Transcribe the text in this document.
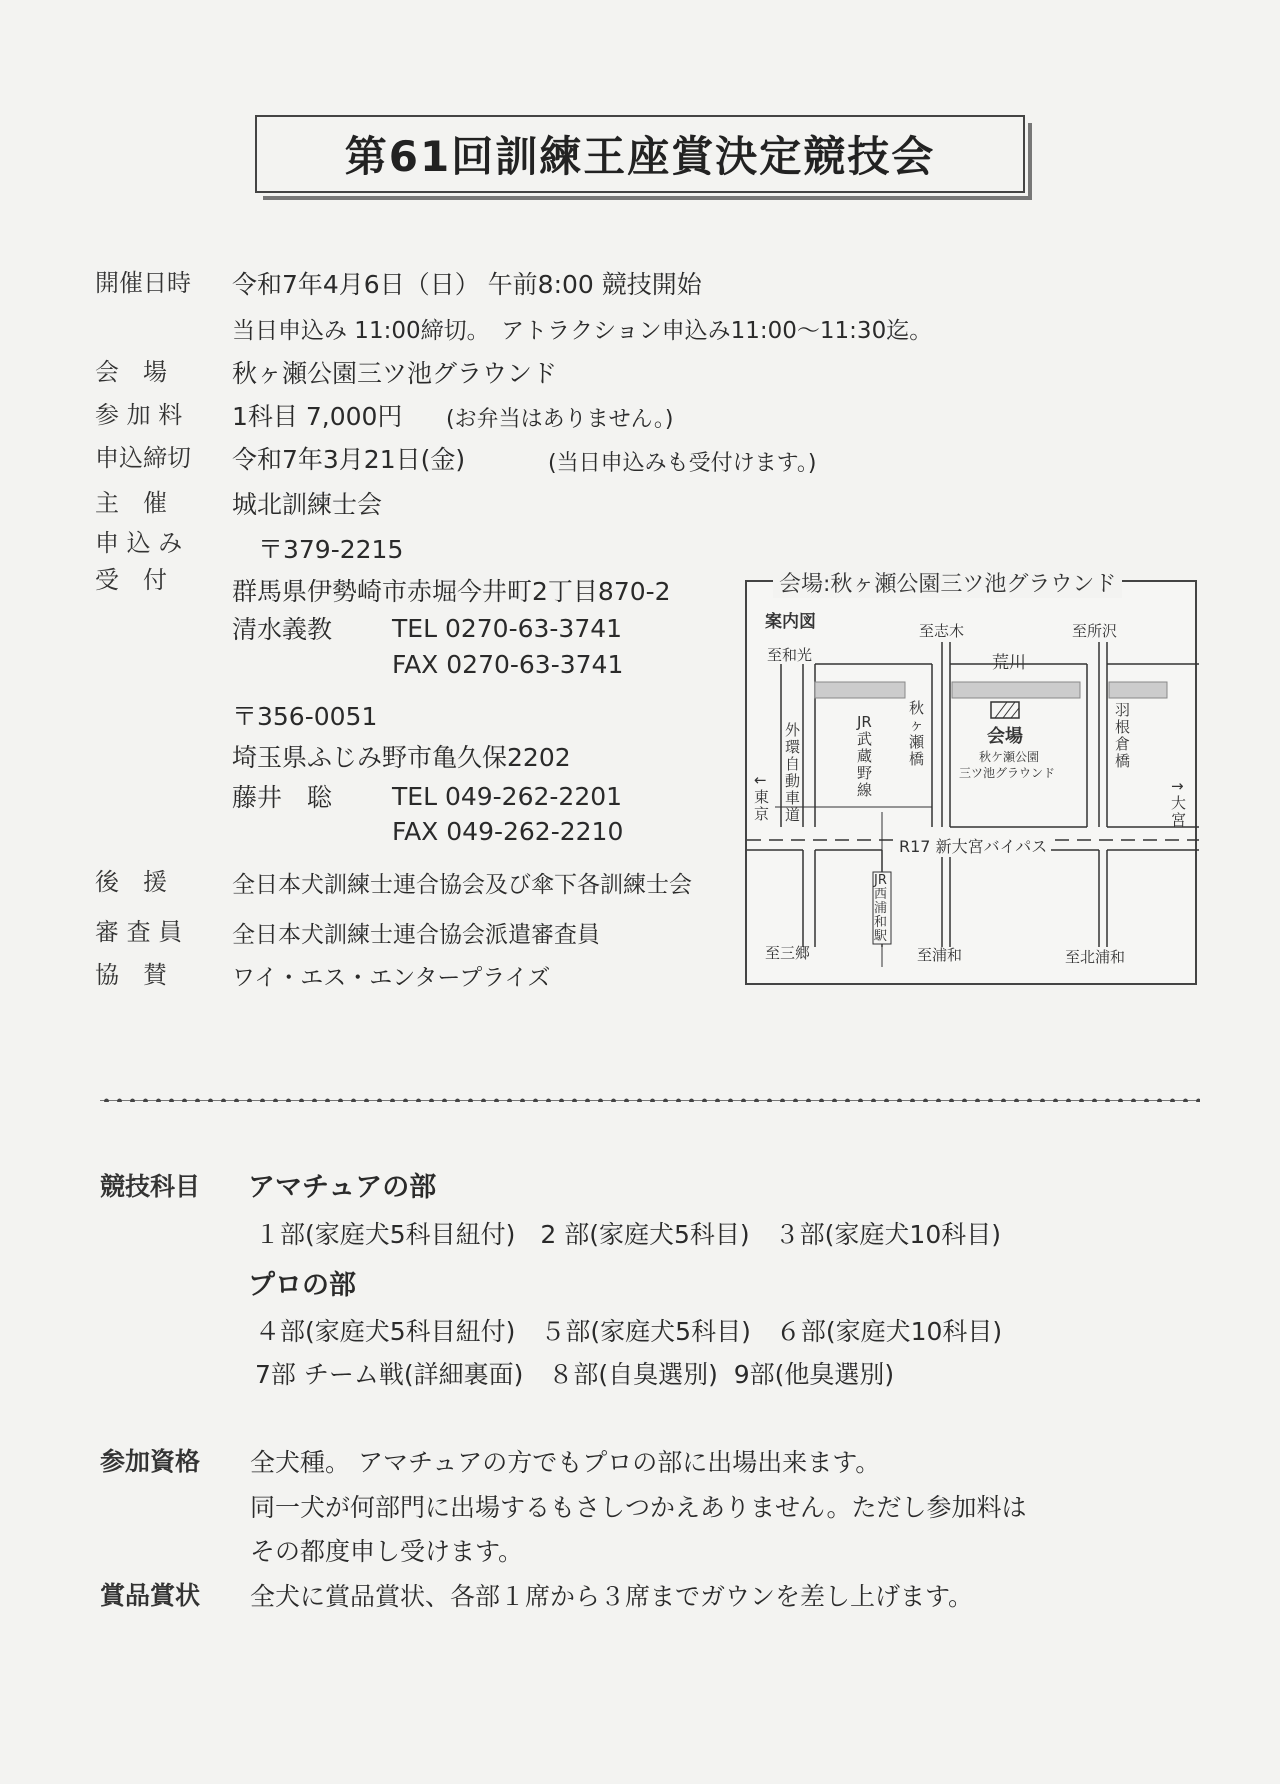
第61回訓練王座賞決定競技会
開催日時 令和7年4月6日（日） 午前8:00 競技開始
当日申込み 11:00締切。　アトラクション申込み11:00〜11:30迄。
会　場	秋ヶ瀬公園三ツ池グラウンド
参 加 料 1科目 7,000円 (お弁当はありません。)
申込締切 令和7年3月21日(金)	(当日申込みも受付けます。)
主　催	城北訓練士会
申 込 み
受　付
〒379-2215
群馬県伊勢崎市赤堀今井町2丁目870-2
清水義教 TEL 0270-63-3741
FAX 0270-63-3741
〒356-0051
埼玉県ふじみ野市亀久保2202
藤井　聡 TEL 049-262-2201
FAX 049-262-2210
後　援	全日本犬訓練士連合協会及び傘下各訓練士会
審 査 員 全日本犬訓練士連合協会派遣審査員
協　賛	ワイ・エス・エンタープライズ
案内図
至和光
至志木	至所沢
荒川
秋ヶ瀬橋
羽根倉橋
外環自動車道
JR武蔵野線
会場
秋ケ瀬公園
三ツ池グラウンド
←東京
→大宮
R17 新大宮バイパス
JR西浦和駅
至三郷	至浦和	至北浦和
会場:秋ヶ瀬公園三ツ池グラウンド
競技科目 アマチュアの部
１部(家庭犬5科目紐付)　2 部(家庭犬5科目)　３部(家庭犬10科目)
プロの部
４部(家庭犬5科目紐付)　５部(家庭犬5科目)　６部(家庭犬10科目)
7部 チーム戦(詳細裏面)　８部(自臭選別)  9部(他臭選別)
参加資格 全犬種。 アマチュアの方でもプロの部に出場出来ます。
同一犬が何部門に出場するもさしつかえありません。ただし参加料は
その都度申し受けます。
賞品賞状 全犬に賞品賞状、各部１席から３席までガウンを差し上げます。
